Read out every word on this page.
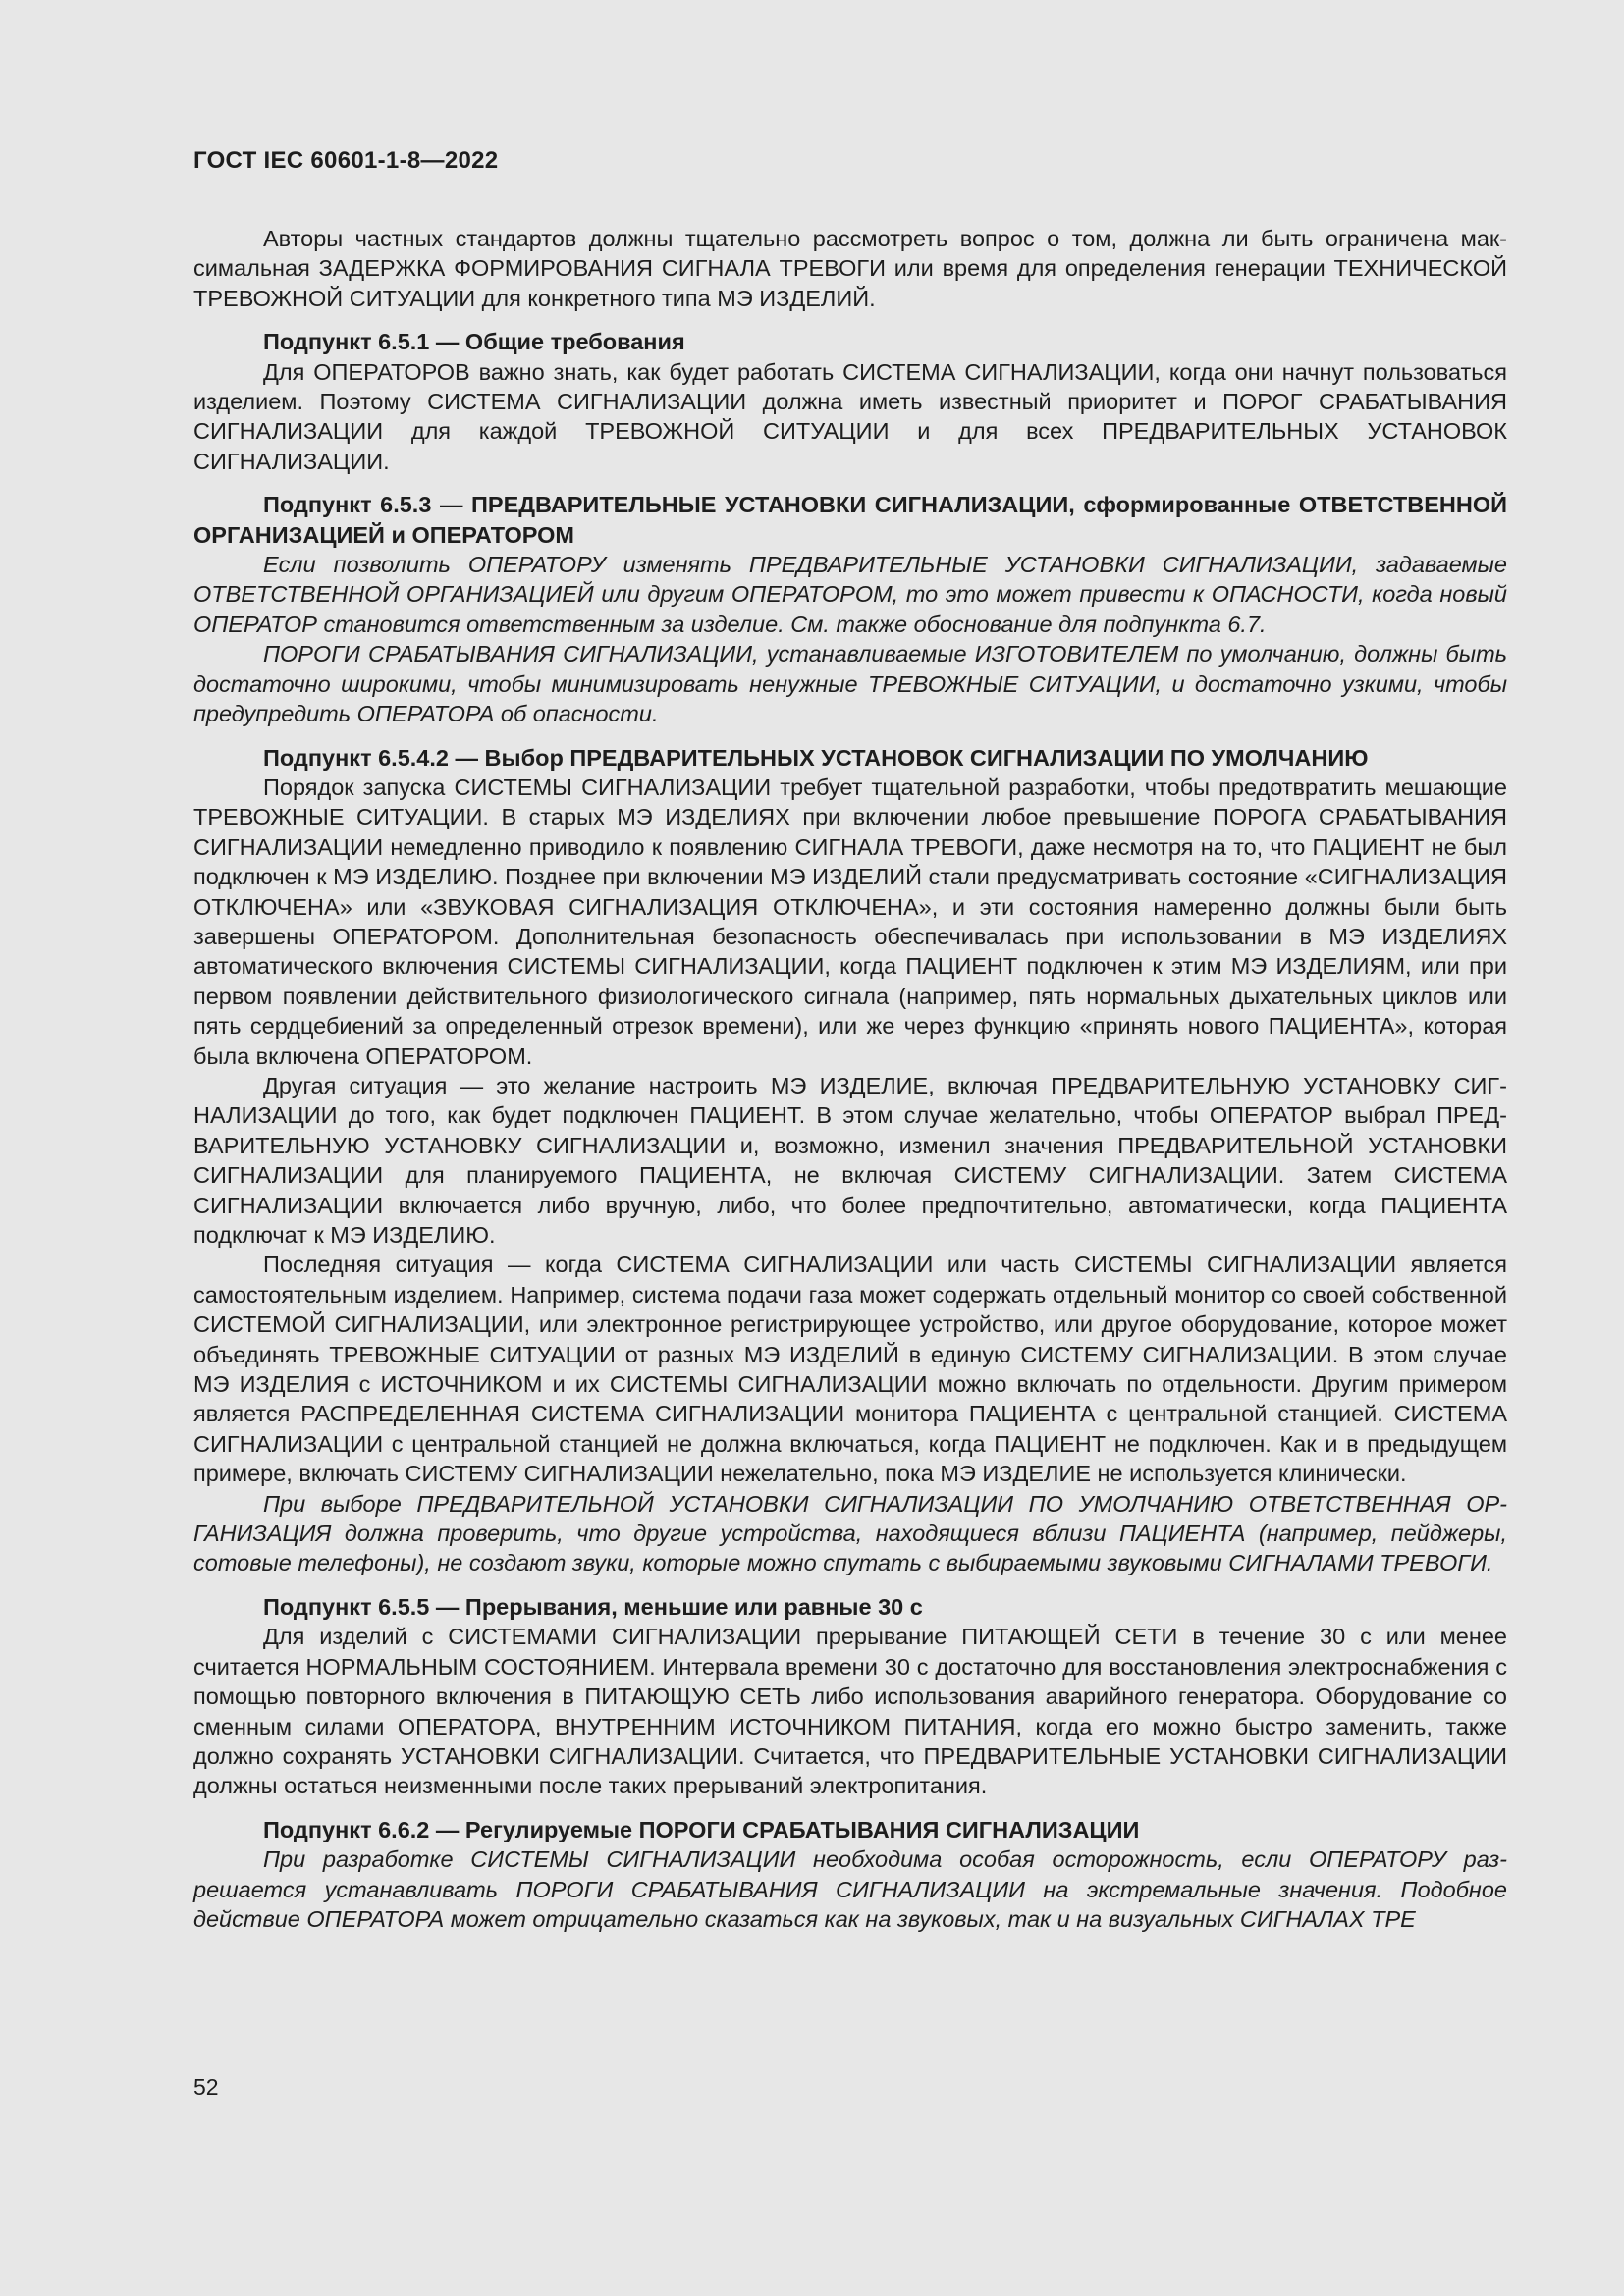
ГОСТ IEC 60601-1-8—2022

Авторы частных стандартов должны тщательно рассмотреть вопрос о том, должна ли быть ограничена максимальная ЗАДЕРЖКА ФОРМИРОВАНИЯ СИГНАЛА ТРЕВОГИ или время для определения генерации ТЕХНИЧЕСКОЙ ТРЕВОЖНОЙ СИТУАЦИИ для конкретного типа МЭ ИЗДЕЛИЙ.

Подпункт 6.5.1 — Общие требования

Для ОПЕРАТОРОВ важно знать, как будет работать СИСТЕМА СИГНАЛИЗАЦИИ, когда они начнут пользоваться изделием. Поэтому СИСТЕМА СИГНАЛИЗАЦИИ должна иметь известный приоритет и ПОРОГ СРАБАТЫВАНИЯ СИГНАЛИЗАЦИИ для каждой ТРЕВОЖНОЙ СИТУАЦИИ и для всех ПРЕДВАРИТЕЛЬНЫХ УСТАНОВОК СИГНАЛИЗАЦИИ.

Подпункт 6.5.3 — ПРЕДВАРИТЕЛЬНЫЕ УСТАНОВКИ СИГНАЛИЗАЦИИ, сформированные ОТВЕТСТВЕННОЙ ОРГАНИЗАЦИЕЙ и ОПЕРАТОРОМ

Если позволить ОПЕРАТОРУ изменять ПРЕДВАРИТЕЛЬНЫЕ УСТАНОВКИ СИГНАЛИЗАЦИИ, задаваемые ОТВЕТСТВЕННОЙ ОРГАНИЗАЦИЕЙ или другим ОПЕРАТОРОМ, то это может привести к ОПАСНОСТИ, когда новый ОПЕРАТОР становится ответственным за изделие. См. также обоснование для подпункта 6.7.

ПОРОГИ СРАБАТЫВАНИЯ СИГНАЛИЗАЦИИ, устанавливаемые ИЗГОТОВИТЕЛЕМ по умолчанию, должны быть достаточно широкими, чтобы минимизировать ненужные ТРЕВОЖНЫЕ СИТУАЦИИ, и достаточно узкими, чтобы предупредить ОПЕРАТОРА об опасности.

Подпункт 6.5.4.2 — Выбор ПРЕДВАРИТЕЛЬНЫХ УСТАНОВОК СИГНАЛИЗАЦИИ ПО УМОЛЧАНИЮ

Порядок запуска СИСТЕМЫ СИГНАЛИЗАЦИИ требует тщательной разработки, чтобы предотвратить мешающие ТРЕВОЖНЫЕ СИТУАЦИИ. В старых МЭ ИЗДЕЛИЯХ при включении любое превышение ПОРОГА СРАБАТЫВАНИЯ СИГНАЛИЗАЦИИ немедленно приводило к появлению СИГНАЛА ТРЕВОГИ, даже несмотря на то, что ПАЦИЕНТ не был подключен к МЭ ИЗДЕЛИЮ. Позднее при включении МЭ ИЗДЕЛИЙ стали предусматривать состояние «СИГНАЛИЗАЦИЯ ОТКЛЮЧЕНА» или «ЗВУКОВАЯ СИГНАЛИЗАЦИЯ ОТКЛЮЧЕНА», и эти состояния намеренно должны были быть завершены ОПЕРАТОРОМ. Дополнительная безопасность обеспечивалась при использовании в МЭ ИЗДЕЛИЯХ автоматического включения СИСТЕМЫ СИГНАЛИЗАЦИИ, когда ПАЦИЕНТ подключен к этим МЭ ИЗДЕЛИЯМ, или при первом появлении действительного физиологического сигнала (например, пять нормальных дыхательных циклов или пять сердцебиений за определенный отрезок времени), или же через функцию «принять нового ПАЦИЕНТА», которая была включена ОПЕРАТОРОМ.

Другая ситуация — это желание настроить МЭ ИЗДЕЛИЕ, включая ПРЕДВАРИТЕЛЬНУЮ УСТАНОВКУ СИГНАЛИЗАЦИИ до того, как будет подключен ПАЦИЕНТ. В этом случае желательно, чтобы ОПЕРАТОР выбрал ПРЕДВАРИТЕЛЬНУЮ УСТАНОВКУ СИГНАЛИЗАЦИИ и, возможно, изменил значения ПРЕДВАРИТЕЛЬНОЙ УСТАНОВКИ СИГНАЛИЗАЦИИ для планируемого ПАЦИЕНТА, не включая СИСТЕМУ СИГНАЛИЗАЦИИ. Затем СИСТЕМА СИГНАЛИЗАЦИИ включается либо вручную, либо, что более предпочтительно, автоматически, когда ПАЦИЕНТА подключат к МЭ ИЗДЕЛИЮ.

Последняя ситуация — когда СИСТЕМА СИГНАЛИЗАЦИИ или часть СИСТЕМЫ СИГНАЛИЗАЦИИ является самостоятельным изделием. Например, система подачи газа может содержать отдельный монитор со своей собственной СИСТЕМОЙ СИГНАЛИЗАЦИИ, или электронное регистрирующее устройство, или другое оборудование, которое может объединять ТРЕВОЖНЫЕ СИТУАЦИИ от разных МЭ ИЗДЕЛИЙ в единую СИСТЕМУ СИГНАЛИЗАЦИИ. В этом случае МЭ ИЗДЕЛИЯ с ИСТОЧНИКОМ и их СИСТЕМЫ СИГНАЛИЗАЦИИ можно включать по отдельности. Другим примером является РАСПРЕДЕЛЕННАЯ СИСТЕМА СИГНАЛИЗАЦИИ монитора ПАЦИЕНТА с центральной станцией. СИСТЕМА СИГНАЛИЗАЦИИ с центральной станцией не должна включаться, когда ПАЦИЕНТ не подключен. Как и в предыдущем примере, включать СИСТЕМУ СИГНАЛИЗАЦИИ нежелательно, пока МЭ ИЗДЕЛИЕ не используется клинически.

При выборе ПРЕДВАРИТЕЛЬНОЙ УСТАНОВКИ СИГНАЛИЗАЦИИ ПО УМОЛЧАНИЮ ОТВЕТСТВЕННАЯ ОРГАНИЗАЦИЯ должна проверить, что другие устройства, находящиеся вблизи ПАЦИЕНТА (например, пейджеры, сотовые телефоны), не создают звуки, которые можно спутать с выбираемыми звуковыми СИГНАЛАМИ ТРЕВОГИ.

Подпункт 6.5.5 — Прерывания, меньшие или равные 30 с

Для изделий с СИСТЕМАМИ СИГНАЛИЗАЦИИ прерывание ПИТАЮЩЕЙ СЕТИ в течение 30 с или менее считается НОРМАЛЬНЫМ СОСТОЯНИЕМ. Интервала времени 30 с достаточно для восстановления электроснабжения с помощью повторного включения в ПИТАЮЩУЮ СЕТЬ либо использования аварийного генератора. Оборудование со сменным силами ОПЕРАТОРА, ВНУТРЕННИМ ИСТОЧНИКОМ ПИТАНИЯ, когда его можно быстро заменить, также должно сохранять УСТАНОВКИ СИГНАЛИЗАЦИИ. Считается, что ПРЕДВАРИТЕЛЬНЫЕ УСТАНОВКИ СИГНАЛИЗАЦИИ должны остаться неизменными после таких прерываний электропитания.

Подпункт 6.6.2 — Регулируемые ПОРОГИ СРАБАТЫВАНИЯ СИГНАЛИЗАЦИИ

При разработке СИСТЕМЫ СИГНАЛИЗАЦИИ необходима особая осторожность, если ОПЕРАТОРУ разрешается устанавливать ПОРОГИ СРАБАТЫВАНИЯ СИГНАЛИЗАЦИИ на экстремальные значения. Подобное действие ОПЕРАТОРА может отрицательно сказаться как на звуковых, так и на визуальных СИГНАЛАХ ТРЕ

52
